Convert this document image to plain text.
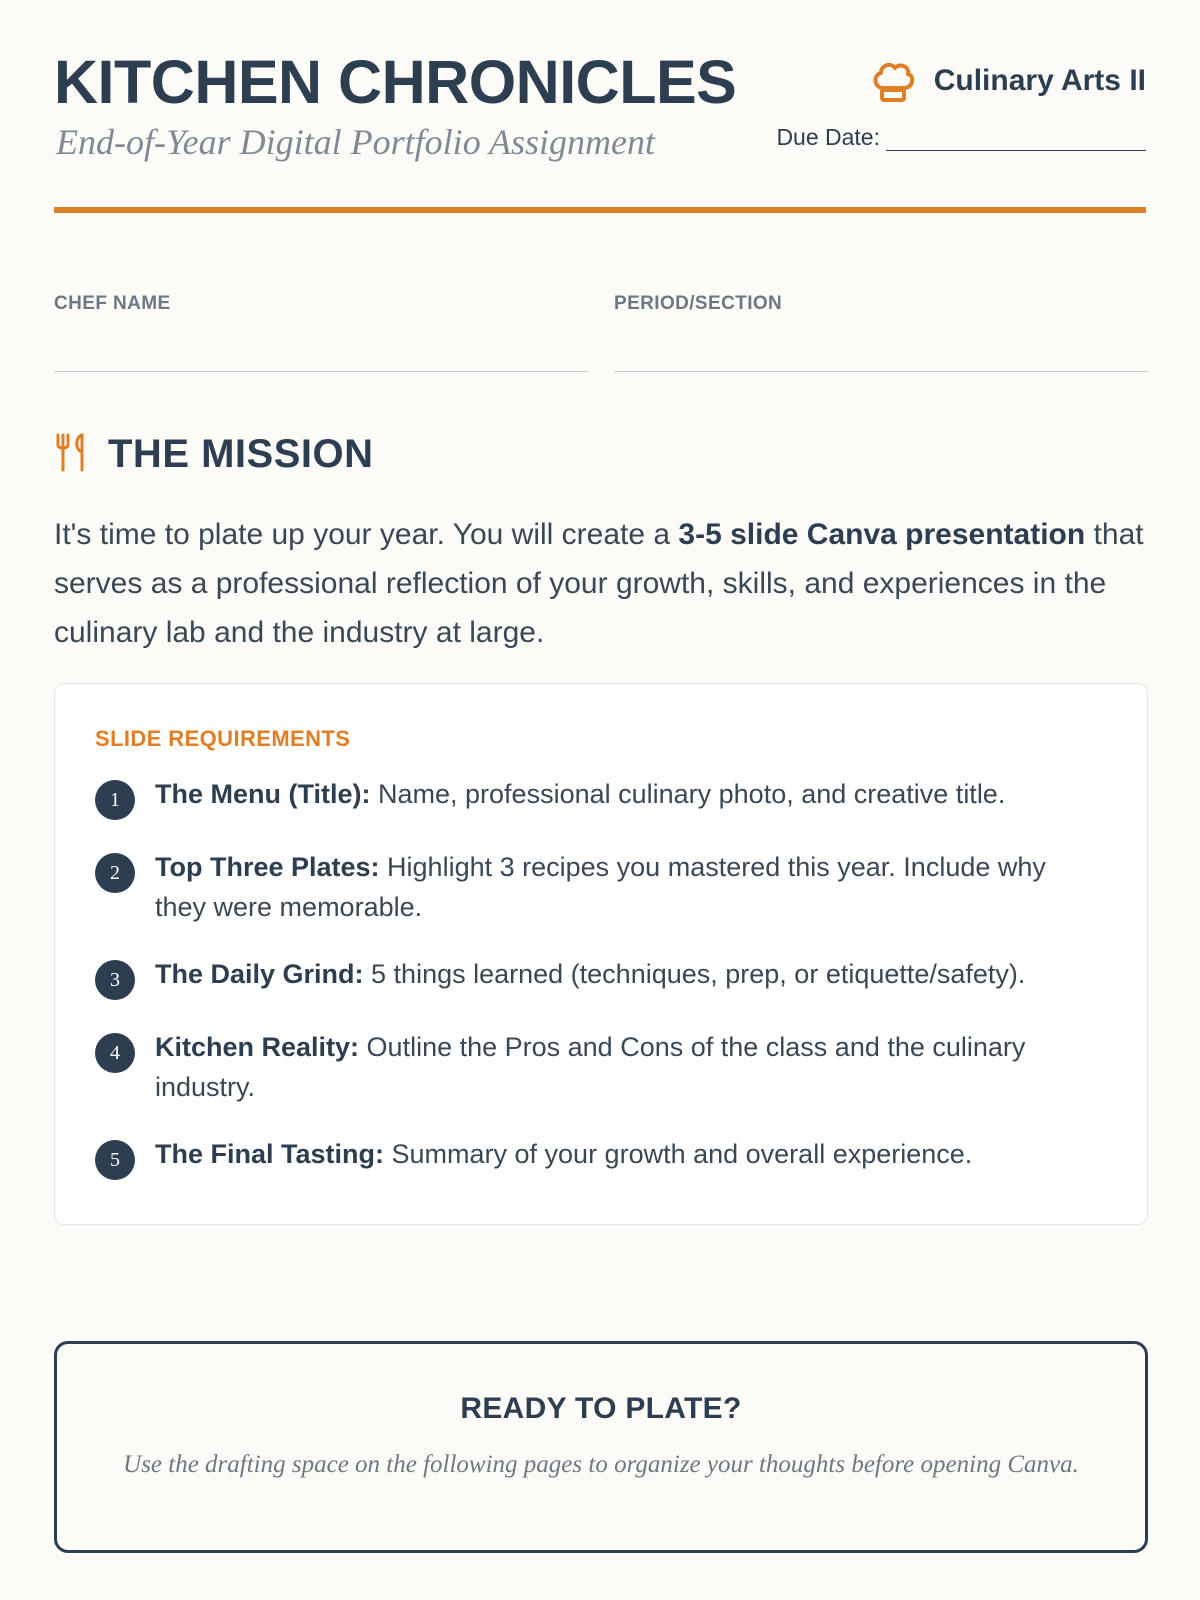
KITCHEN CHRONICLES
End-of-Year Digital Portfolio Assignment
Culinary Arts II
Due Date:
CHEF NAME	PERIOD/SECTION
THE MISSION

It's time to plate up your year. You will create a 3-5 slide Canva presentation that serves as a professional reflection of your growth, skills, and experiences in the culinary lab and the industry at large.

SLIDE REQUIREMENTS
1	The Menu (Title): Name, professional culinary photo, and creative title.
2	Top Three Plates: Highlight 3 recipes you mastered this year. Include why they were memorable.
3	The Daily Grind: 5 things learned (techniques, prep, or etiquette/safety).
4	Kitchen Reality: Outline the Pros and Cons of the class and the culinary industry.
5	The Final Tasting: Summary of your growth and overall experience.
READY TO PLATE?
Use the drafting space on the following pages to organize your thoughts before opening Canva.
